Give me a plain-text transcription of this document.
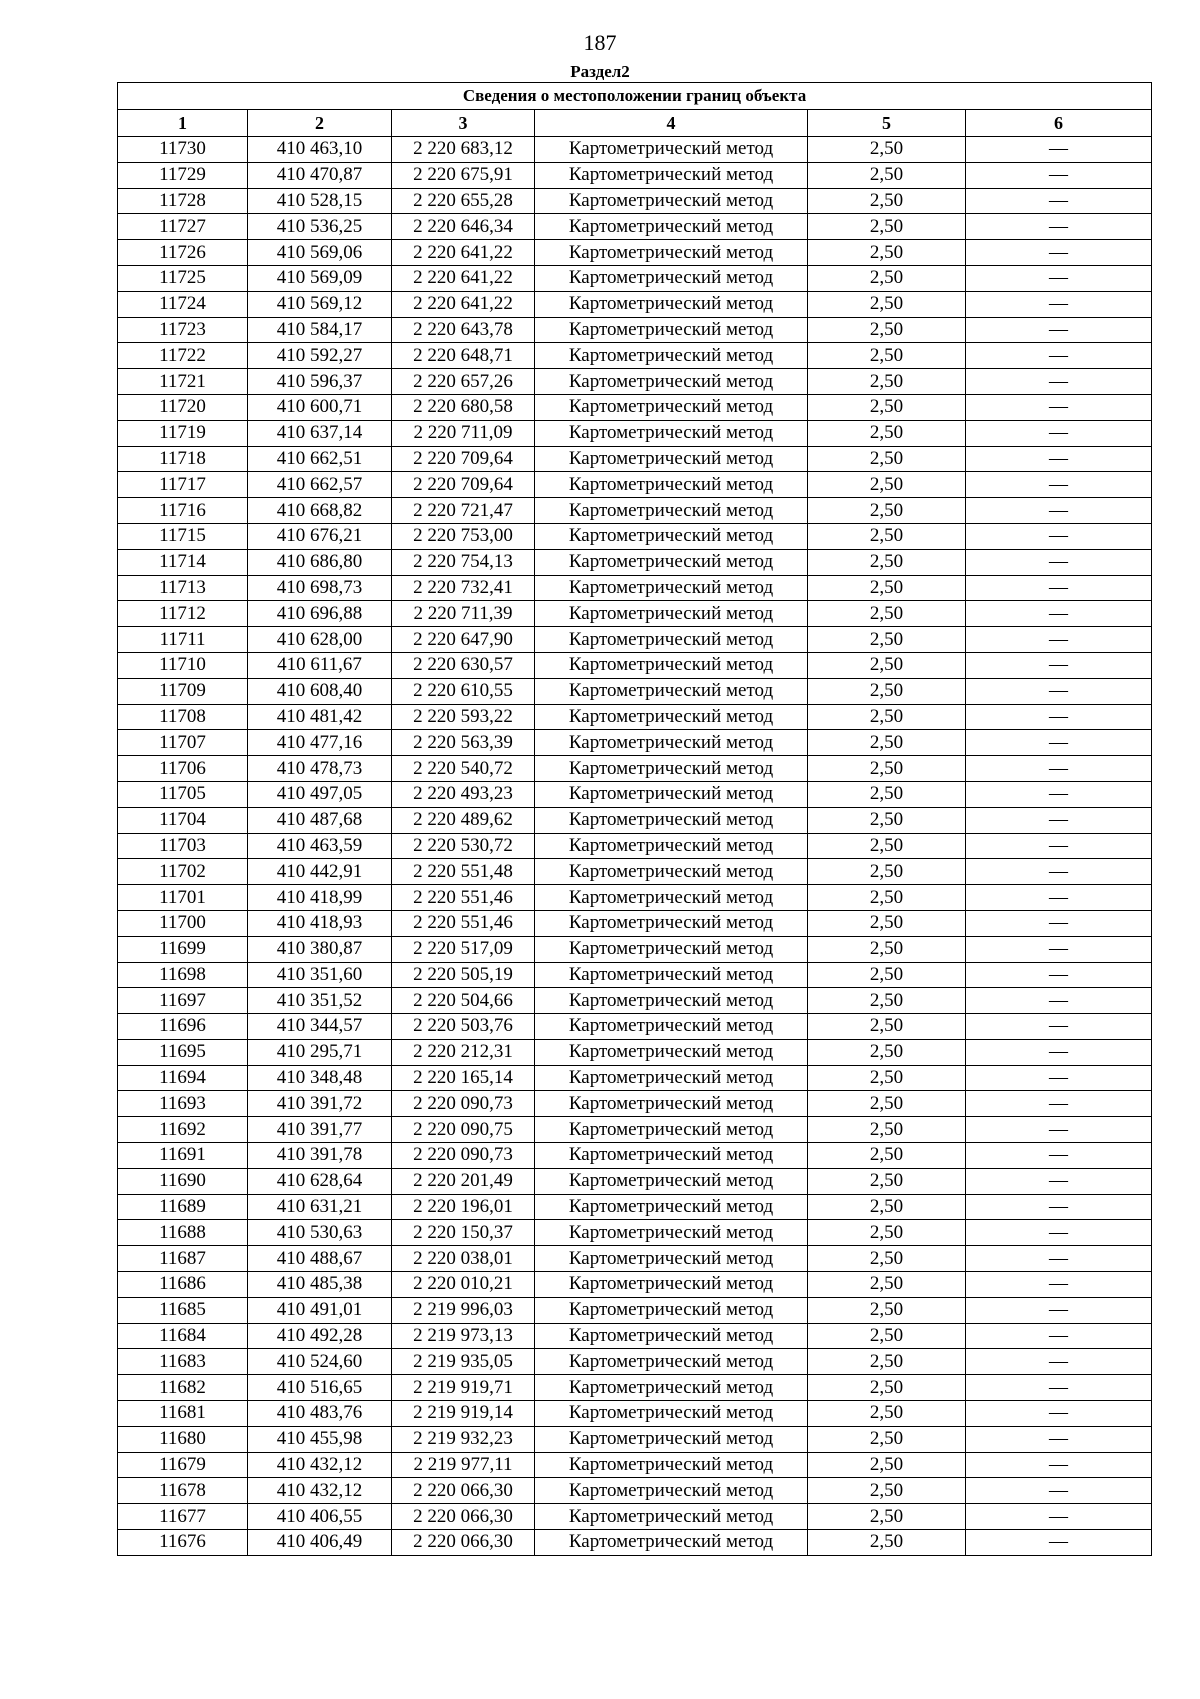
187
Раздел2
Сведения о местоположении границ объекта					
1	2	3	4	5	6
11730	410 463,10	2 220 683,12	Картометрический метод	2,50	—
11729	410 470,87	2 220 675,91	Картометрический метод	2,50	—
11728	410 528,15	2 220 655,28	Картометрический метод	2,50	—
11727	410 536,25	2 220 646,34	Картометрический метод	2,50	—
11726	410 569,06	2 220 641,22	Картометрический метод	2,50	—
11725	410 569,09	2 220 641,22	Картометрический метод	2,50	—
11724	410 569,12	2 220 641,22	Картометрический метод	2,50	—
11723	410 584,17	2 220 643,78	Картометрический метод	2,50	—
11722	410 592,27	2 220 648,71	Картометрический метод	2,50	—
11721	410 596,37	2 220 657,26	Картометрический метод	2,50	—
11720	410 600,71	2 220 680,58	Картометрический метод	2,50	—
11719	410 637,14	2 220 711,09	Картометрический метод	2,50	—
11718	410 662,51	2 220 709,64	Картометрический метод	2,50	—
11717	410 662,57	2 220 709,64	Картометрический метод	2,50	—
11716	410 668,82	2 220 721,47	Картометрический метод	2,50	—
11715	410 676,21	2 220 753,00	Картометрический метод	2,50	—
11714	410 686,80	2 220 754,13	Картометрический метод	2,50	—
11713	410 698,73	2 220 732,41	Картометрический метод	2,50	—
11712	410 696,88	2 220 711,39	Картометрический метод	2,50	—
11711	410 628,00	2 220 647,90	Картометрический метод	2,50	—
11710	410 611,67	2 220 630,57	Картометрический метод	2,50	—
11709	410 608,40	2 220 610,55	Картометрический метод	2,50	—
11708	410 481,42	2 220 593,22	Картометрический метод	2,50	—
11707	410 477,16	2 220 563,39	Картометрический метод	2,50	—
11706	410 478,73	2 220 540,72	Картометрический метод	2,50	—
11705	410 497,05	2 220 493,23	Картометрический метод	2,50	—
11704	410 487,68	2 220 489,62	Картометрический метод	2,50	—
11703	410 463,59	2 220 530,72	Картометрический метод	2,50	—
11702	410 442,91	2 220 551,48	Картометрический метод	2,50	—
11701	410 418,99	2 220 551,46	Картометрический метод	2,50	—
11700	410 418,93	2 220 551,46	Картометрический метод	2,50	—
11699	410 380,87	2 220 517,09	Картометрический метод	2,50	—
11698	410 351,60	2 220 505,19	Картометрический метод	2,50	—
11697	410 351,52	2 220 504,66	Картометрический метод	2,50	—
11696	410 344,57	2 220 503,76	Картометрический метод	2,50	—
11695	410 295,71	2 220 212,31	Картометрический метод	2,50	—
11694	410 348,48	2 220 165,14	Картометрический метод	2,50	—
11693	410 391,72	2 220 090,73	Картометрический метод	2,50	—
11692	410 391,77	2 220 090,75	Картометрический метод	2,50	—
11691	410 391,78	2 220 090,73	Картометрический метод	2,50	—
11690	410 628,64	2 220 201,49	Картометрический метод	2,50	—
11689	410 631,21	2 220 196,01	Картометрический метод	2,50	—
11688	410 530,63	2 220 150,37	Картометрический метод	2,50	—
11687	410 488,67	2 220 038,01	Картометрический метод	2,50	—
11686	410 485,38	2 220 010,21	Картометрический метод	2,50	—
11685	410 491,01	2 219 996,03	Картометрический метод	2,50	—
11684	410 492,28	2 219 973,13	Картометрический метод	2,50	—
11683	410 524,60	2 219 935,05	Картометрический метод	2,50	—
11682	410 516,65	2 219 919,71	Картометрический метод	2,50	—
11681	410 483,76	2 219 919,14	Картометрический метод	2,50	—
11680	410 455,98	2 219 932,23	Картометрический метод	2,50	—
11679	410 432,12	2 219 977,11	Картометрический метод	2,50	—
11678	410 432,12	2 220 066,30	Картометрический метод	2,50	—
11677	410 406,55	2 220 066,30	Картометрический метод	2,50	—
11676	410 406,49	2 220 066,30	Картометрический метод	2,50	—
